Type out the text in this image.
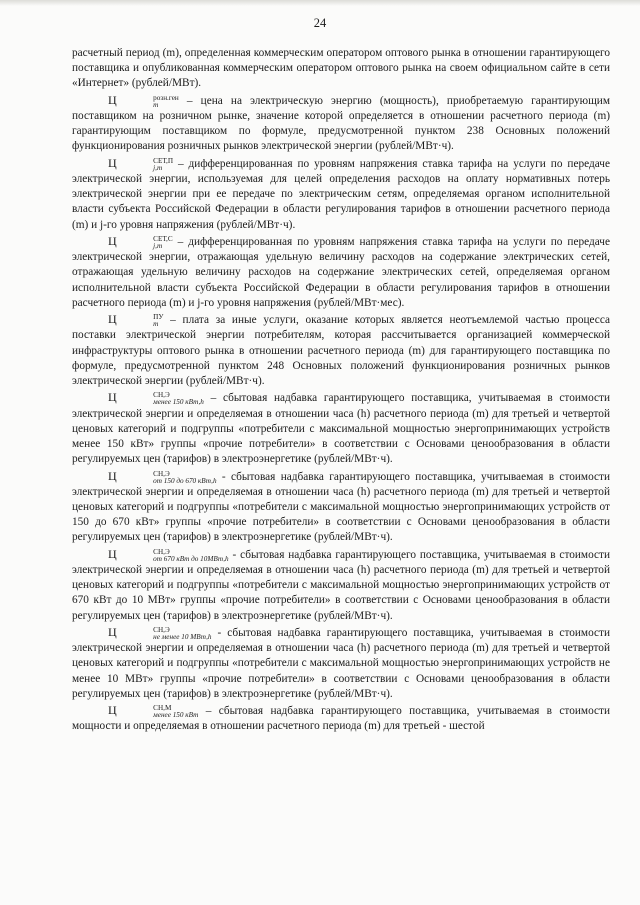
24

расчетный период (m), определенная коммерческим оператором оптового рынка в отношении гарантирующего поставщика и опубликованная коммерческим оператором оптового рынка на своем официальном сайте в сети «Интернет» (рублей/МВт).

Ц	розн.ген
m	– цена на электрическую энергию (мощность), приобретаемую гарантирующим поставщиком на розничном рынке, значение которой определяется в отношении расчетного периода (m) гарантирующим поставщиком по формуле, предусмотренной пунктом 238 Основных положений функционирования розничных рынков электрической энергии (рублей/МВт·ч).

Ц	СЕТ,П
j,m – дифференцированная по уровням напряжения ставка тарифа на услуги по передаче электрической энергии, используемая для целей определения расходов на оплату нормативных потерь электрической энергии при ее передаче по электрическим сетям, определяемая органом исполнительной власти субъекта Российской Федерации в области регулирования тарифов в отношении расчетного периода (m) и j-го уровня напряжения (рублей/МВт·ч).

Ц	СЕТ,С
j,m – дифференцированная по уровням напряжения ставка тарифа на услуги по передаче электрической энергии, отражающая удельную величину расходов на содержание электрических сетей, отражающая удельную величину расходов на содержание электрических сетей, определяемая органом исполнительной власти субъекта Российской Федерации в области регулирования тарифов в отношении расчетного периода (m) и j-го уровня напряжения (рублей/МВт·мес).

Ц	ПУ
m – плата за иные услуги, оказание которых является неотъемлемой частью процесса поставки электрической энергии потребителям, которая рассчитывается организацией коммерческой инфраструктуры оптового рынка в отношении расчетного периода (m) для гарантирующего поставщика по формуле, предусмотренной пунктом 248 Основных положений функционирования розничных рынков электрической энергии (рублей/МВт·ч).

Ц	СН,Э
менее 150 кВт,h – сбытовая надбавка гарантирующего поставщика, учитываемая в стоимости электрической энергии и определяемая в отношении часа (h) расчетного периода (m) для третьей и четвертой ценовых категорий и подгруппы «потребители с максимальной мощностью энергопринимающих устройств менее 150 кВт» группы «прочие потребители» в соответствии с Основами ценообразования в области регулируемых цен (тарифов) в электроэнергетике (рублей/МВт·ч).

Ц	СН,Э
от 150 до 670 кВт,h - сбытовая надбавка гарантирующего поставщика, учитываемая в стоимости электрической энергии и определяемая в отношении часа (h) расчетного периода (m) для третьей и четвертой ценовых категорий и подгруппы «потребители с максимальной мощностью энергопринимающих устройств от 150 до 670 кВт» группы «прочие потребители» в соответствии с Основами ценообразования в области регулируемых цен (тарифов) в электроэнергетике (рублей/МВт·ч).

Ц	СН,Э
от 670 кВт до 10МВт,h - сбытовая надбавка гарантирующего поставщика, учитываемая в стоимости электрической энергии и определяемая в отношении часа (h) расчетного периода (m) для третьей и четвертой ценовых категорий и подгруппы «потребители с максимальной мощностью энергопринимающих устройств от 670 кВт до 10 МВт» группы «прочие потребители» в соответствии с Основами ценообразования в области регулируемых цен (тарифов) в электроэнергетике (рублей/МВт·ч).

Ц	СН,Э
не менее 10 МВт,h - сбытовая надбавка гарантирующего поставщика, учитываемая в стоимости электрической энергии и определяемая в отношении часа (h) расчетного периода (m) для третьей и четвертой ценовых категорий и подгруппы «потребители с максимальной мощностью энергопринимающих устройств не менее 10 МВт» группы «прочие потребители» в соответствии с Основами ценообразования в области регулируемых цен (тарифов) в электроэнергетике (рублей/МВт·ч).

Ц	СН,М
менее 150 кВт – сбытовая надбавка гарантирующего поставщика, учитываемая в стоимости мощности и определяемая в отношении расчетного периода (m) для третьей - шестой
